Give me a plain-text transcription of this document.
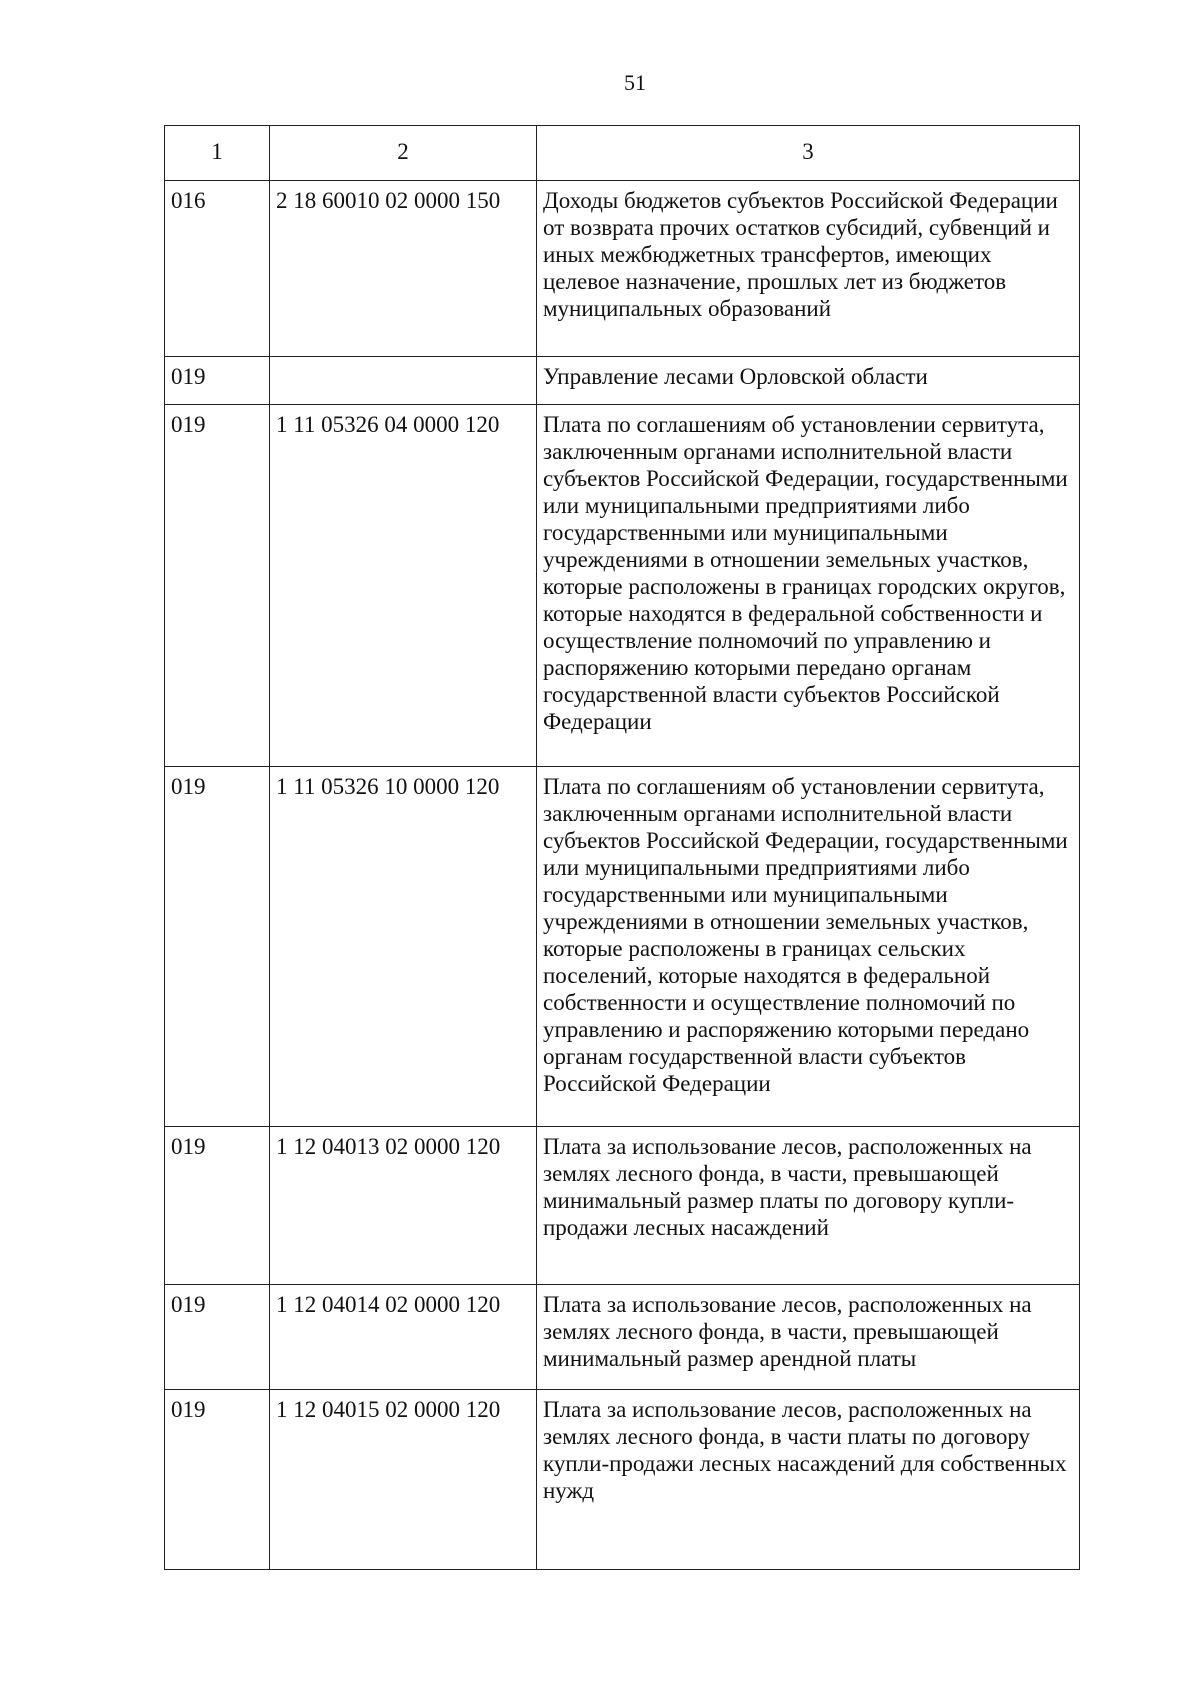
51
1	2	3
016	2 18 60010 02 0000 150	Доходы бюджетов субъектов Российской Федерации от возврата прочих остатков субсидий, субвенций и иных межбюджетных трансфертов, имеющих целевое назначение, прошлых лет из бюджетов муниципальных образований
019		Управление лесами Орловской области
019	1 11 05326 04 0000 120	Плата по соглашениям об установлении сервитута, заключенным органами исполнительной власти субъектов Российской Федерации, государственными или муниципальными предприятиями либо государственными или муниципальными учреждениями в отношении земельных участков, которые расположены в границах городских округов, которые находятся в федеральной собственности и осуществление полномочий по управлению и распоряжению которыми передано органам государственной власти субъектов Российской Федерации
019	1 11 05326 10 0000 120	Плата по соглашениям об установлении сервитута, заключенным органами исполнительной власти субъектов Российской Федерации, государственными или муниципальными предприятиями либо государственными или муниципальными учреждениями в отношении земельных участков, которые расположены в границах сельских поселений, которые находятся в федеральной собственности и осуществление полномочий по управлению и распоряжению которыми передано органам государственной власти субъектов Российской Федерации
019	1 12 04013 02 0000 120	Плата за использование лесов, расположенных на землях лесного фонда, в части, превышающей минимальный размер платы по договору купли-продажи лесных насаждений
019	1 12 04014 02 0000 120	Плата за использование лесов, расположенных на землях лесного фонда, в части, превышающей минимальный размер арендной платы
019	1 12 04015 02 0000 120	Плата за использование лесов, расположенных на землях лесного фонда, в части платы по договору купли-продажи лесных насаждений для собственных нужд
